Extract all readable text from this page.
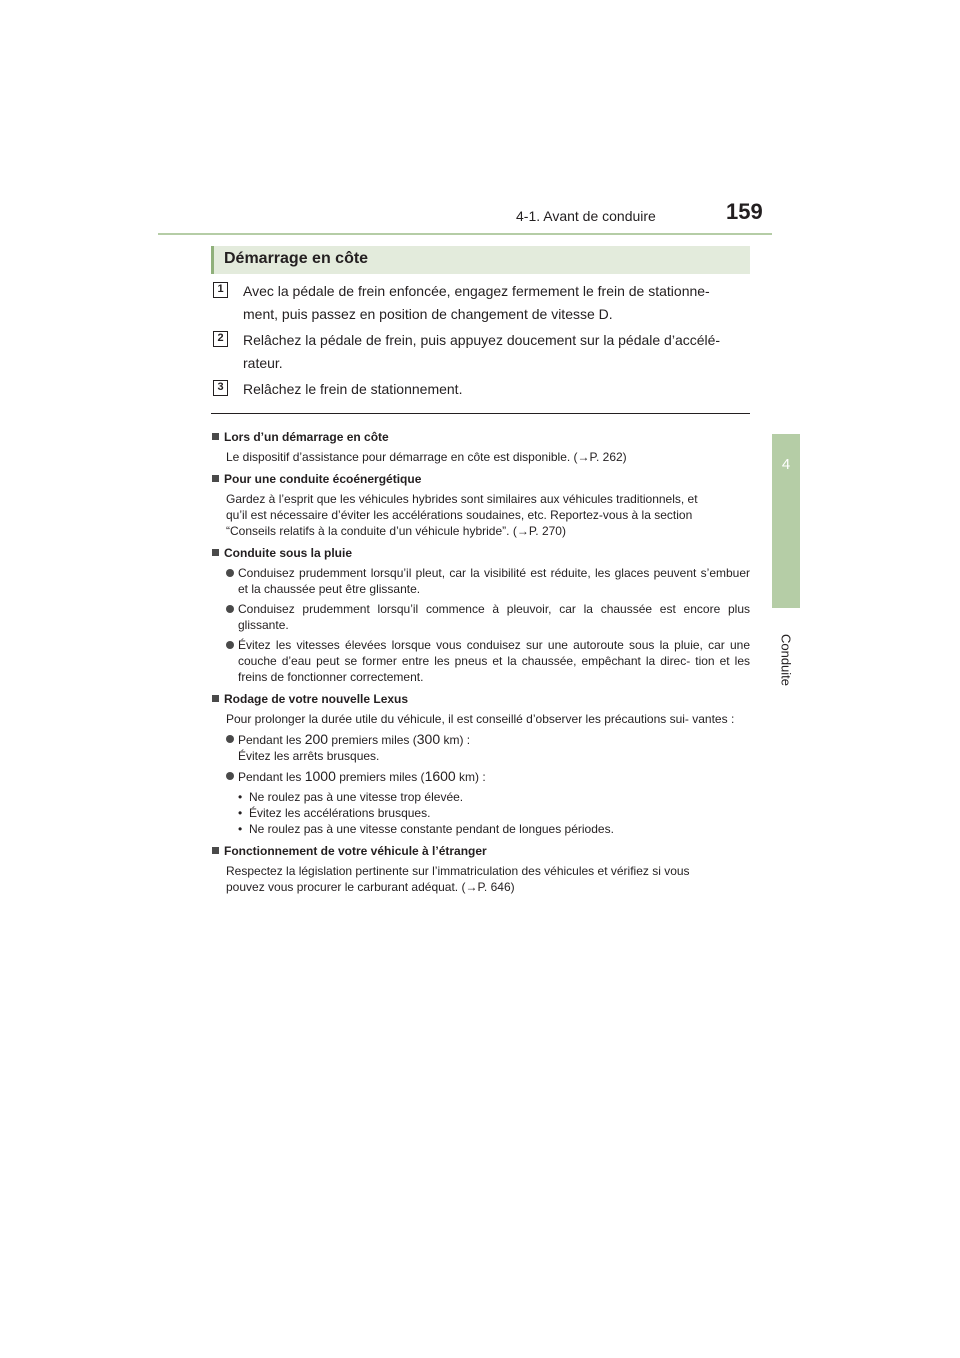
4-1. Avant de conduire	159
4
Conduite
Démarrage en côte
1	Avec la pédale de frein enfoncée, engagez fermement le frein de stationne-
ment, puis passez en position de changement de vitesse D.
2	Relâchez la pédale de frein, puis appuyez doucement sur la pédale d’accélé-
rateur.
3	Relâchez le frein de stationnement.
Lors d’un démarrage en côte
Le dispositif d’assistance pour démarrage en côte est disponible. (→P. 262)
Pour une conduite écoénergétique
Gardez à l’esprit que les véhicules hybrides sont similaires aux véhicules traditionnels, et
qu’il est nécessaire d’éviter les accélérations soudaines, etc. Reportez-vous à la section
“Conseils relatifs à la conduite d’un véhicule hybride”. (→P. 270)
Conduite sous la pluie
Conduisez prudemment lorsqu’il pleut, car la visibilité est réduite, les glaces peuvent s’embuer et la chaussée peut être glissante.
Conduisez prudemment lorsqu’il commence à pleuvoir, car la chaussée est encore plus glissante.
Évitez les vitesses élevées lorsque vous conduisez sur une autoroute sous la pluie, car une couche d’eau peut se former entre les pneus et la chaussée, empêchant la direc- tion et les freins de fonctionner correctement.
Rodage de votre nouvelle Lexus
Pour prolonger la durée utile du véhicule, il est conseillé d’observer les précautions sui- vantes :
Pendant les 200 premiers miles (300 km) :
Évitez les arrêts brusques.
Pendant les 1000 premiers miles (1600 km) :
• Ne roulez pas à une vitesse trop élevée.
• Évitez les accélérations brusques.
• Ne roulez pas à une vitesse constante pendant de longues périodes.
Fonctionnement de votre véhicule à l’étranger
Respectez la législation pertinente sur l’immatriculation des véhicules et vérifiez si vous
pouvez vous procurer le carburant adéquat. (→P. 646)
